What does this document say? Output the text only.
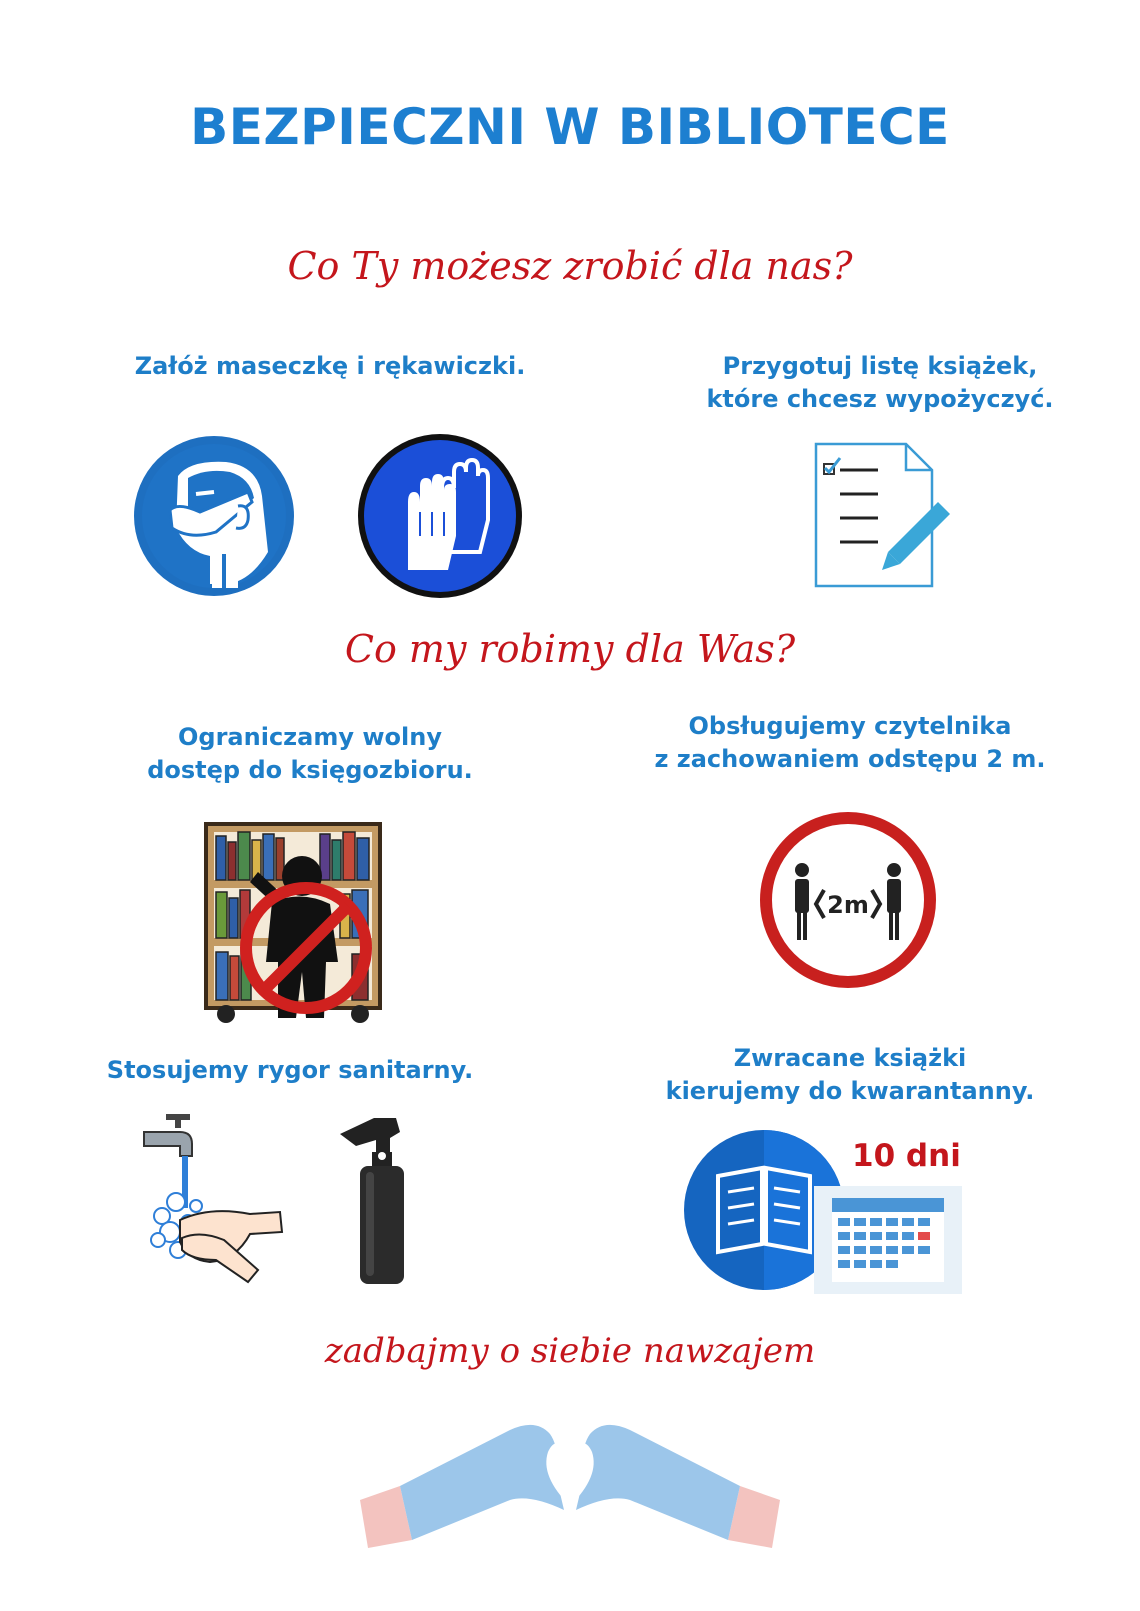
BEZPIECZNI W BIBLIOTECE
Co Ty możesz zrobić dla nas?
Załóż maseczkę i rękawiczki.	Przygotuj listę książek,
które chcesz wypożyczyć.
Co my robimy dla Was?
Ograniczamy wolny
dostęp do księgozbioru.
Obsługujemy czytelnika
z zachowaniem odstępu 2 m.
2m
Stosujemy rygor sanitarny.	Zwracane książki
kierujemy do kwarantanny.
10 dni
zadbajmy o siebie nawzajem
